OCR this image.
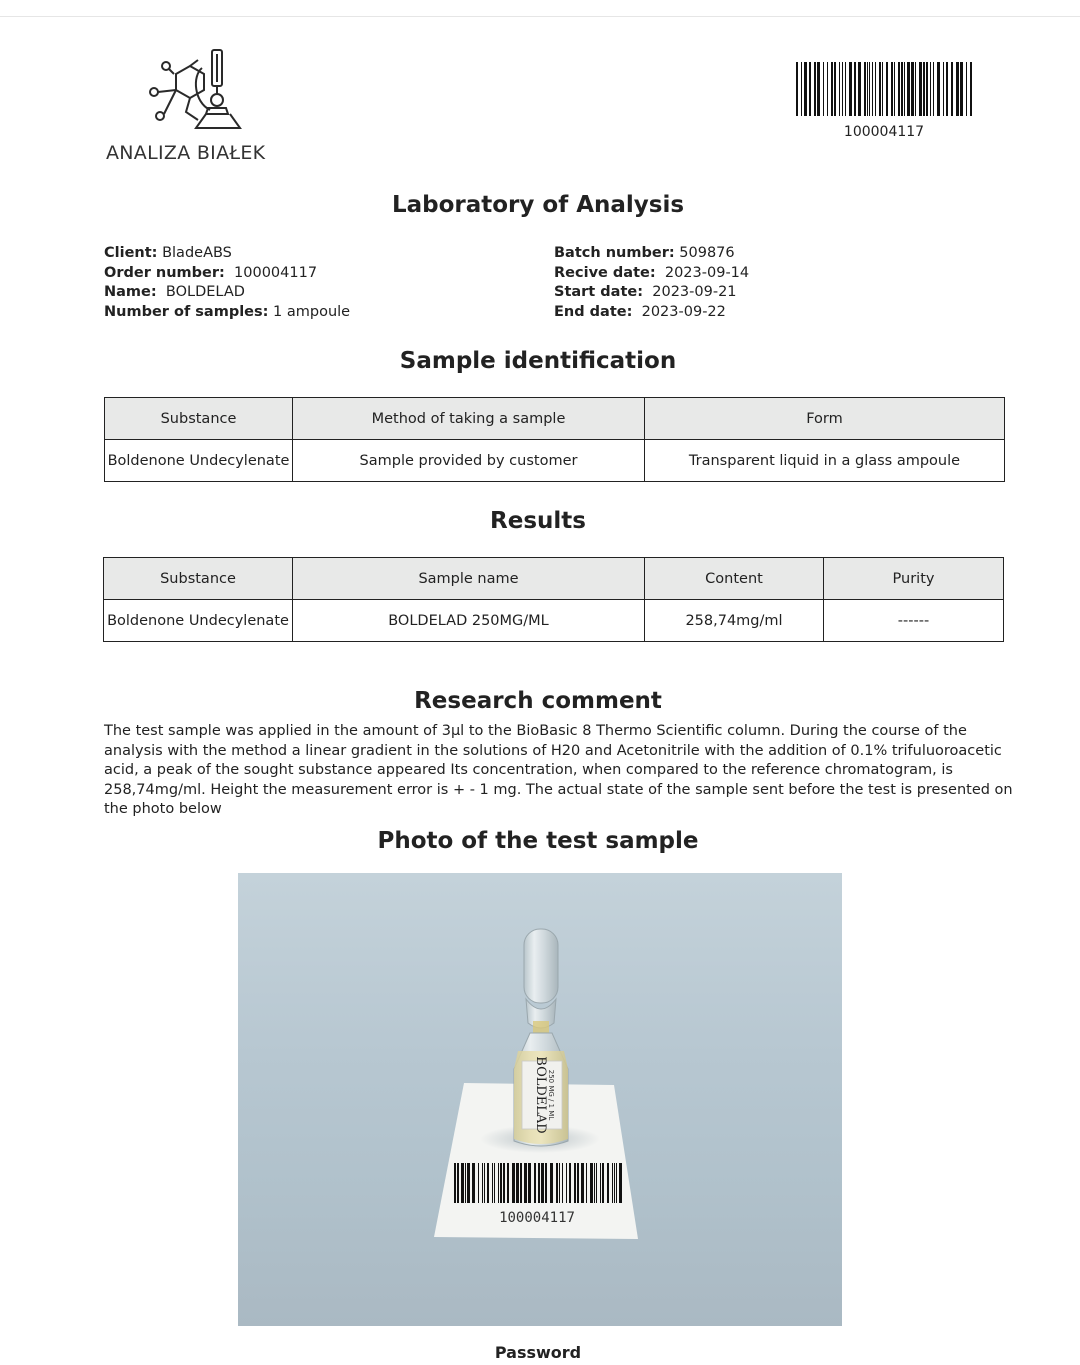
ANALIZA BIAŁEK
100004117
Laboratory of Analysis
Client: BladeABS
Order number: 100004117
Name: BOLDELAD
Number of samples: 1 ampoule
Batch number: 509876
Recive date: 2023-09-14
Start date: 2023-09-21
End date: 2023-09-22
Sample identification
Substance	Method of taking a sample	Form
Boldenone Undecylenate	Sample provided by customer	Transparent liquid in a glass ampoule
Results
Substance	Sample name	Content	Purity
Boldenone Undecylenate	BOLDELAD 250MG/ML	258,74mg/ml	------
Research comment
The test sample was applied in the amount of 3μl to the BioBasic 8 Thermo Scientific column. During the course of the analysis with the method a linear gradient in the solutions of H20 and Acetonitrile with the addition of 0.1% trifuluoroacetic acid, a peak of the sought substance appeared Its concentration, when compared to the reference chromatogram, is 258,74mg/ml. Height the measurement error is + - 1 mg. The actual state of the sample sent before the test is presented on the photo below
Photo of the test sample
BOLDELAD 250 MG / 1 ML
100004117
Password
